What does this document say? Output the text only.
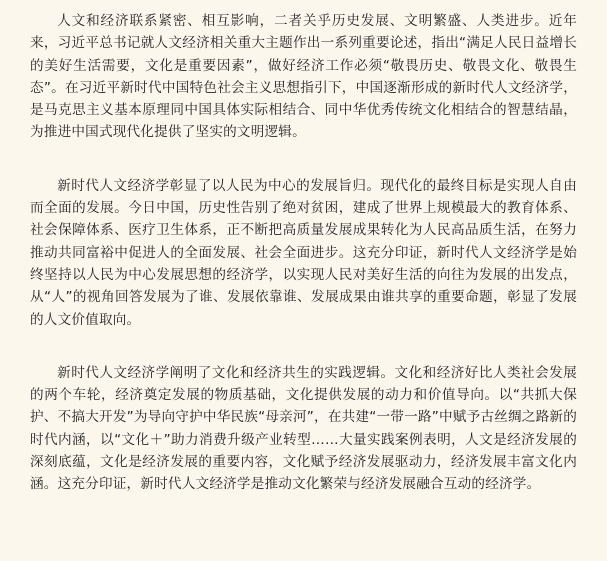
人文和经济联系紧密、相互影响，二者关乎历史发展、文明繁盛、人类进步。近年来，习近平总书记就人文经济相关重大主题作出一系列重要论述，指出“满足人民日益增长的美好生活需要，文化是重要因素”，做好经济工作必须“敬畏历史、敬畏文化、敬畏生态”。在习近平新时代中国特色社会主义思想指引下，中国逐渐形成的新时代人文经济学，是马克思主义基本原理同中国具体实际相结合、同中华优秀传统文化相结合的智慧结晶，为推进中国式现代化提供了坚实的文明逻辑。

新时代人文经济学彰显了以人民为中心的发展旨归。现代化的最终目标是实现人自由而全面的发展。今日中国，历史性告别了绝对贫困，建成了世界上规模最大的教育体系、社会保障体系、医疗卫生体系，正不断把高质量发展成果转化为人民高品质生活，在努力推动共同富裕中促进人的全面发展、社会全面进步。这充分印证，新时代人文经济学是始终坚持以人民为中心发展思想的经济学，以实现人民对美好生活的向往为发展的出发点，从“人”的视角回答发展为了谁、发展依靠谁、发展成果由谁共享的重要命题，彰显了发展的人文价值取向。

新时代人文经济学阐明了文化和经济共生的实践逻辑。文化和经济好比人类社会发展的两个车轮，经济奠定发展的物质基础，文化提供发展的动力和价值导向。以“共抓大保护、不搞大开发”为导向守护中华民族“母亲河”，在共建“一带一路”中赋予古丝绸之路新的时代内涵，以“文化＋”助力消费升级产业转型……大量实践案例表明，人文是经济发展的深刻底蕴，文化是经济发展的重要内容，文化赋予经济发展驱动力，经济发展丰富文化内涵。这充分印证，新时代人文经济学是推动文化繁荣与经济发展融合互动的经济学。
